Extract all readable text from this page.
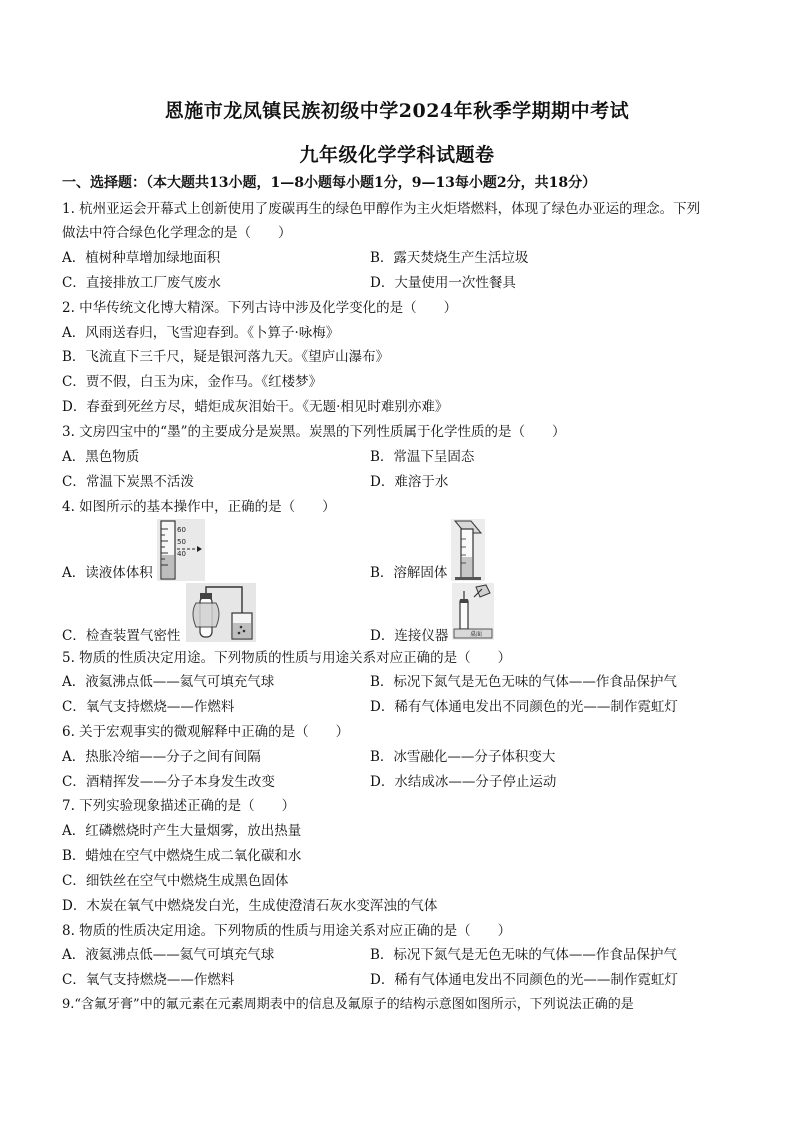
恩施市龙凤镇民族初级中学2024年秋季学期期中考试
九年级化学学科试题卷
一、选择题：（本大题共13小题，1—8小题每小题1分，9—13每小题2分，共18分）
1. 杭州亚运会开幕式上创新使用了废碳再生的绿色甲醇作为主火炬塔燃料，体现了绿色办亚运的理念。下列
做法中符合绿色化学理念的是（　　）
A．植树种草增加绿地面积	B．露天焚烧生产生活垃圾
C．直接排放工厂废气废水	D．大量使用一次性餐具
2. 中华传统文化博大精深。下列古诗中涉及化学变化的是（　　）
A．风雨送春归，飞雪迎春到。《卜算子·咏梅》
B．飞流直下三千尺，疑是银河落九天。《望庐山瀑布》
C．贾不假，白玉为床，金作马。《红楼梦》
D．春蚕到死丝方尽，蜡炬成灰泪始干。《无题·相见时难别亦难》
3. 文房四宝中的“墨”的主要成分是炭黑。炭黑的下列性质属于化学性质的是（　　）
A．黑色物质	B．常温下呈固态
C．常温下炭黑不活泼	D．难溶于水
4. 如图所示的基本操作中，正确的是（　　）
A．读液体体积
60
50
40
B．溶解固体
C．检查装置气密性	D．连接仪器	桌面
5. 物质的性质决定用途。下列物质的性质与用途关系对应正确的是（　　）
A．液氦沸点低——氦气可填充气球	B．标况下氮气是无色无味的气体——作食品保护气
C．氧气支持燃烧——作燃料	D．稀有气体通电发出不同颜色的光——制作霓虹灯
6. 关于宏观事实的微观解释中正确的是（　　）
A．热胀冷缩——分子之间有间隔	B．冰雪融化——分子体积变大
C．酒精挥发——分子本身发生改变	D．水结成冰——分子停止运动
7. 下列实验现象描述正确的是（　　）
A．红磷燃烧时产生大量烟雾，放出热量
B．蜡烛在空气中燃烧生成二氧化碳和水
C．细铁丝在空气中燃烧生成黑色固体
D．木炭在氧气中燃烧发白光，生成使澄清石灰水变浑浊的气体
8. 物质的性质决定用途。下列物质的性质与用途关系对应正确的是（　　）
A．液氦沸点低——氦气可填充气球	B．标况下氮气是无色无味的气体——作食品保护气
C．氧气支持燃烧——作燃料	D．稀有气体通电发出不同颜色的光——制作霓虹灯
9.“含氟牙膏”中的氟元素在元素周期表中的信息及氟原子的结构示意图如图所示，下列说法正确的是
